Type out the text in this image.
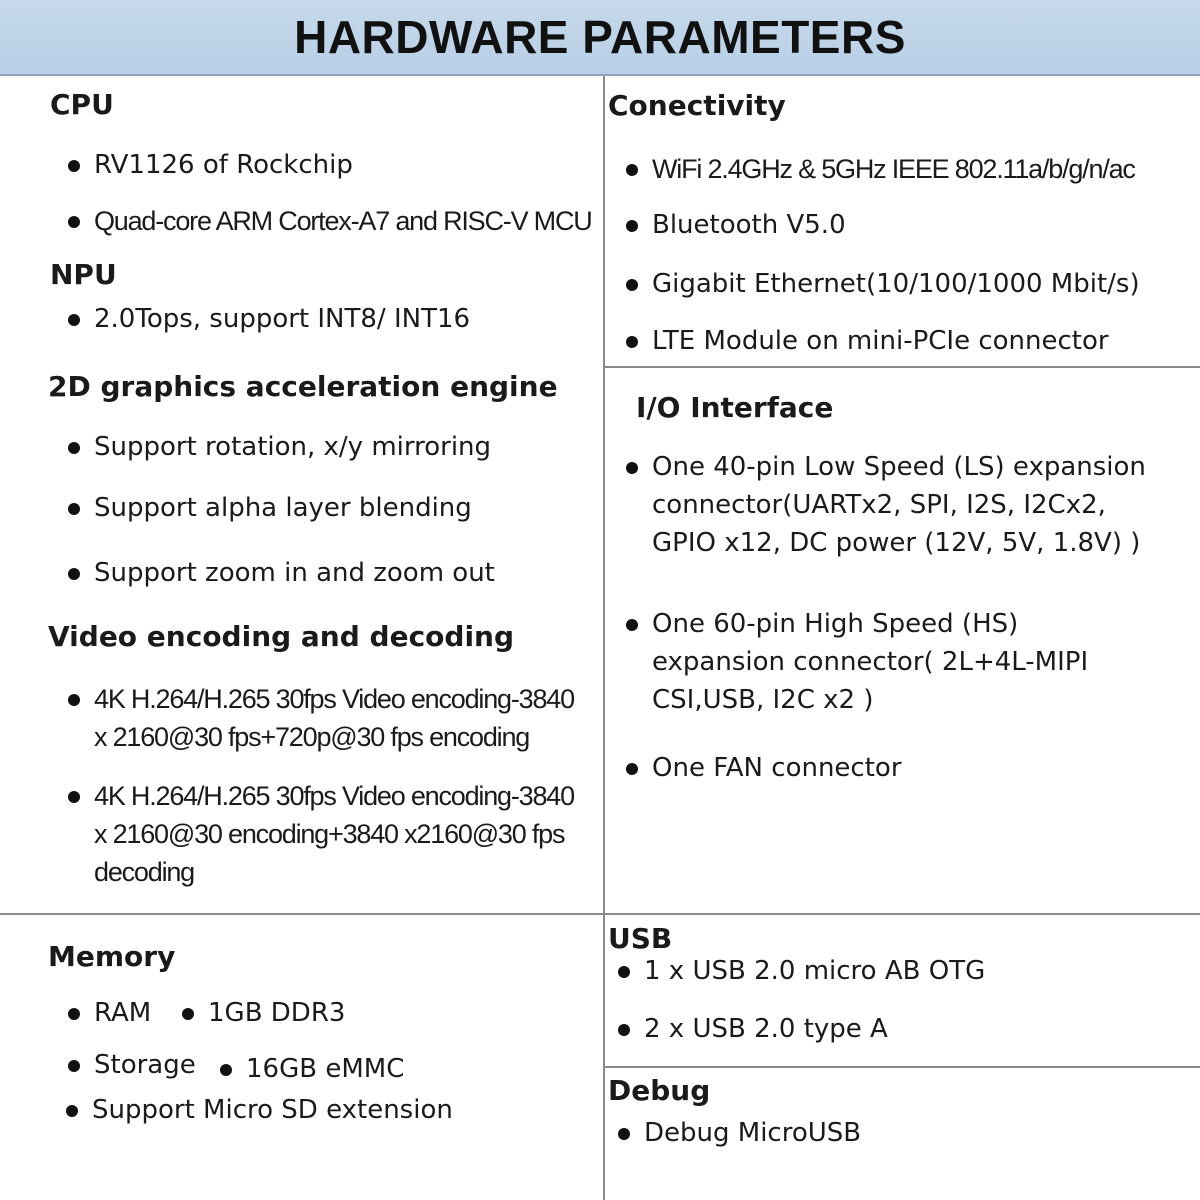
HARDWARE PARAMETERS
CPU
RV1126 of Rockchip
Quad-core ARM Cortex-A7 and RISC-V MCU
NPU
2.0Tops, support INT8/ INT16
2D graphics acceleration engine
Support rotation, x/y mirroring
Support alpha layer blending
Support zoom in and zoom out
Video encoding and decoding
4K H.264/H.265 30fps Video encoding-3840
x 2160@30 fps+720p@30 fps encoding
4K H.264/H.265 30fps Video encoding-3840
x 2160@30 encoding+3840 x2160@30 fps
decoding
Memory
RAM 1GB DDR3
Storage 16GB eMMC
Support Micro SD extension
Conectivity
WiFi 2.4GHz & 5GHz IEEE 802.11a/b/g/n/ac
Bluetooth V5.0
Gigabit Ethernet(10/100/1000 Mbit/s)
LTE Module on mini-PCIe connector
I/O Interface
One 40-pin Low Speed (LS) expansion
connector(UARTx2, SPI, I2S, I2Cx2,
GPIO x12, DC power (12V, 5V, 1.8V) )
One 60-pin High Speed (HS)
expansion connector( 2L+4L-MIPI
CSI,USB, I2C x2 )
One FAN connector
USB
1 x USB 2.0 micro AB OTG
2 x USB 2.0 type A
Debug
Debug MicroUSB
